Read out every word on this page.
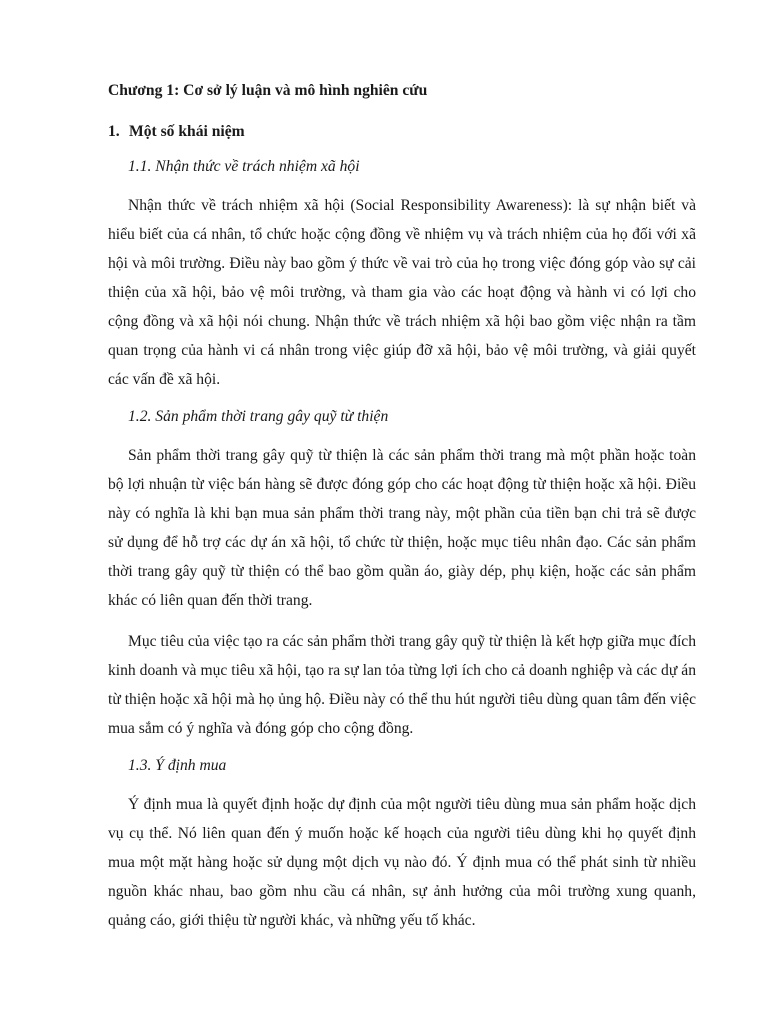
Chương 1: Cơ sở lý luận và mô hình nghiên cứu
1. Một số khái niệm
1.1. Nhận thức về trách nhiệm xã hội

Nhận thức về trách nhiệm xã hội (Social Responsibility Awareness): là sự nhận biết và hiểu biết của cá nhân, tổ chức hoặc cộng đồng về nhiệm vụ và trách nhiệm của họ đối với xã hội và môi trường. Điều này bao gồm ý thức về vai trò của họ trong việc đóng góp vào sự cải thiện của xã hội, bảo vệ môi trường, và tham gia vào các hoạt động và hành vi có lợi cho cộng đồng và xã hội nói chung. Nhận thức về trách nhiệm xã hội bao gồm việc nhận ra tầm quan trọng của hành vi cá nhân trong việc giúp đỡ xã hội, bảo vệ môi trường, và giải quyết các vấn đề xã hội.

1.2. Sản phẩm thời trang gây quỹ từ thiện

Sản phẩm thời trang gây quỹ từ thiện là các sản phẩm thời trang mà một phần hoặc toàn bộ lợi nhuận từ việc bán hàng sẽ được đóng góp cho các hoạt động từ thiện hoặc xã hội. Điều này có nghĩa là khi bạn mua sản phẩm thời trang này, một phần của tiền bạn chi trả sẽ được sử dụng để hỗ trợ các dự án xã hội, tổ chức từ thiện, hoặc mục tiêu nhân đạo. Các sản phẩm thời trang gây quỹ từ thiện có thể bao gồm quần áo, giày dép, phụ kiện, hoặc các sản phẩm khác có liên quan đến thời trang.

Mục tiêu của việc tạo ra các sản phẩm thời trang gây quỹ từ thiện là kết hợp giữa mục đích kinh doanh và mục tiêu xã hội, tạo ra sự lan tỏa từng lợi ích cho cả doanh nghiệp và các dự án từ thiện hoặc xã hội mà họ ủng hộ. Điều này có thể thu hút người tiêu dùng quan tâm đến việc mua sắm có ý nghĩa và đóng góp cho cộng đồng.

1.3. Ý định mua

Ý định mua là quyết định hoặc dự định của một người tiêu dùng mua sản phẩm hoặc dịch vụ cụ thể. Nó liên quan đến ý muốn hoặc kế hoạch của người tiêu dùng khi họ quyết định mua một mặt hàng hoặc sử dụng một dịch vụ nào đó. Ý định mua có thể phát sinh từ nhiều nguồn khác nhau, bao gồm nhu cầu cá nhân, sự ảnh hưởng của môi trường xung quanh, quảng cáo, giới thiệu từ người khác, và những yếu tố khác.
